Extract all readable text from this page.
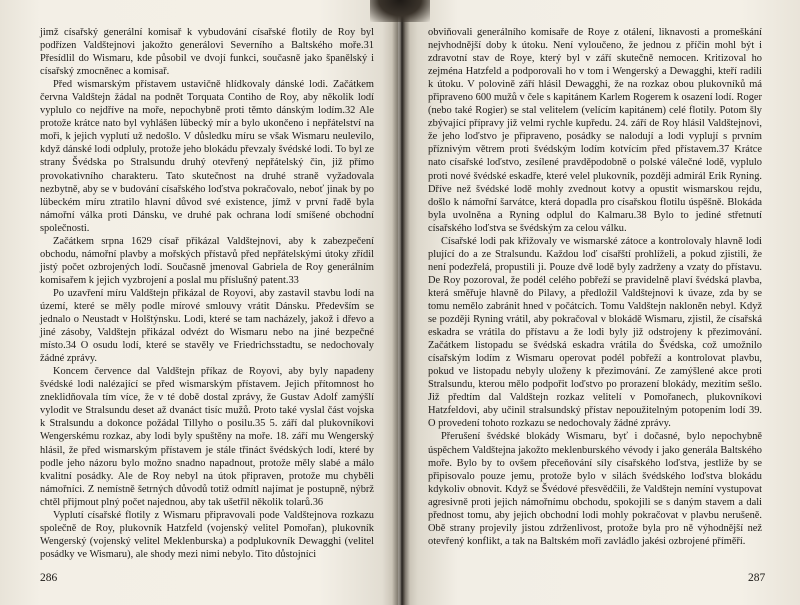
jimž císařský generální komisař k vybudování císařské flotily de Roy byl podřízen Valdštejnovi jakožto generálovi Severního a Baltského moře.31 Přesídlil do Wismaru, kde působil ve dvojí funkci, současně jako španělský i císařský zmocněnec a komisař.

Před wismarským přístavem ustavičně hlídkovaly dánské lodi. Začátkem června Valdštejn žádal na podnět Torquata Contiho de Roy, aby několik lodí vyplulo co nejdříve na moře, nepochybně proti těmto dánským lodím.32 Ale protože krátce nato byl vyhlášen lübecký mír a bylo ukončeno i nepřátelství na moři, k jejich vyplutí už nedošlo. V důsledku míru se však Wismaru neulevilo, když dánské lodi odpluly, protože jeho blokádu převzaly švédské lodi. To byl ze strany Švédska po Stralsundu druhý otevřený nepřátelský čin, již přímo provokativního charakteru. Tato skutečnost na druhé straně vyžadovala nezbytně, aby se v budování císařského loďstva pokračovalo, neboť jinak by po lübeckém míru ztratilo hlavní důvod své existence, jímž v první řadě byla námořní válka proti Dánsku, ve druhé pak ochrana lodí smíšené obchodní společnosti.

Začátkem srpna 1629 císař přikázal Valdštejnovi, aby k zabezpečení obchodu, námořní plavby a mořských přístavů před nepřátelskými útoky zřídil jistý počet ozbrojených lodí. Současně jmenoval Gabriela de Roy generálním komisařem k jejich vyzbrojení a poslal mu příslušný patent.33

Po uzavření míru Valdštejn přikázal de Royovi, aby zastavil stavbu lodí na území, které se měly podle mírové smlouvy vrátit Dánsku. Především se jednalo o Neustadt v Holštýnsku. Lodi, které se tam nacházely, jakož i dřevo a jiné zásoby, Valdštejn přikázal odvézt do Wismaru nebo na jiné bezpečné místo.34 O osudu lodí, které se stavěly ve Friedrichsstadtu, se nedochovaly žádné zprávy.

Koncem července dal Valdštejn příkaz de Royovi, aby byly napadeny švédské lodi nalézající se před wismarským přístavem. Jejich přítomnost ho zneklidňovala tím více, že v té době dostal zprávy, že Gustav Adolf zamýšlí vylodit ve Stralsundu deset až dvanáct tisíc mužů. Proto také vyslal část vojska k Stralsundu a dokonce požádal Tillyho o posilu.35 5. září dal plukovníkovi Wengerskému rozkaz, aby lodi byly spuštěny na moře. 18. září mu Wengerský hlásil, že před wismarským přístavem je stále třináct švédských lodí, které by podle jeho názoru bylo možno snadno napadnout, protože měly slabé a málo kvalitní posádky. Ale de Roy nebyl na útok připraven, protože mu chyběli námořníci. Z nemístně šetrných důvodů totiž odmítl najímat je postupně, nýbrž chtěl přijmout plný počet najednou, aby tak ušetřil několik tolarů.36

Vyplutí císařské flotily z Wismaru připravovali pode Valdštejnova rozkazu společně de Roy, plukovník Hatzfeld (vojenský velitel Pomořan), plukovník Wengerský (vojenský velitel Meklenburska) a podplukovník Dewagghi (velitel posádky ve Wismaru), ale shody mezi nimi nebylo. Tito důstojníci

286

obviňovali generálního komisaře de Roye z otálení, liknavosti a promeškání nejvhodnější doby k útoku. Není vyloučeno, že jednou z příčin mohl být i zdravotní stav de Roye, který byl v září skutečně nemocen. Kritizoval ho zejména Hatzfeld a podporovali ho v tom i Wengerský a Dewagghi, kteří radili k útoku. V polovině září hlásil Dewagghi, že na rozkaz obou plukovníků má připraveno 600 mužů v čele s kapitánem Karlem Rogerem k osazení lodí. Roger (nebo také Rogier) se stal velitelem (velícím kapitánem) celé flotily. Potom šly zbývající přípravy již velmi rychle kupředu. 24. září de Roy hlásil Valdštejnovi, že jeho loďstvo je připraveno, posádky se nalodují a lodi vyplují s prvním příznivým větrem proti švédským lodím kotvícím před přístavem.37 Krátce nato císařské loďstvo, zesílené pravděpodobně o polské válečné lodě, vyplulo proti nové švédské eskadře, které velel plukovník, později admirál Erik Ryning. Dříve než švédské lodě mohly zvednout kotvy a opustit wismarskou rejdu, došlo k námořní šarvátce, která dopadla pro císařskou flotilu úspěšně. Blokáda byla uvolněna a Ryning odplul do Kalmaru.38 Bylo to jediné střetnutí císařského loďstva se švédským za celou válku.

Císařské lodi pak křižovaly ve wismarské zátoce a kontrolovaly hlavně lodi plující do a ze Stralsundu. Každou loď císařští prohlíželi, a pokud zjistili, že není podezřelá, propustili ji. Pouze dvě lodě byly zadrženy a vzaty do přístavu. De Roy pozoroval, že podél celého pobřeží se pravidelně plaví švédská plavba, která směřuje hlavně do Pilavy, a předložil Valdštejnovi k úvaze, zda by se tomu nemělo zabránit hned v počátcích. Tomu Valdštejn nakloněn nebyl. Když se později Ryning vrátil, aby pokračoval v blokádě Wismaru, zjistil, že císařská eskadra se vrátila do přístavu a že lodi byly již odstrojeny k přezimování. Začátkem listopadu se švédská eskadra vrátila do Švédska, což umožnilo císařským lodím z Wismaru operovat podél pobřeží a kontrolovat plavbu, pokud ve listopadu nebyly uloženy k přezimování. Ze zamýšlené akce proti Stralsundu, kterou mělo podpořit loďstvo po prorazení blokády, mezitím sešlo. Již předtím dal Valdštejn rozkaz velitelí v Pomořanech, plukovníkovi Hatzfeldovi, aby učinil stralsundský přístav nepoužitelným potopením lodí 39. O provedení tohoto rozkazu se nedochovaly žádné zprávy.

Přerušení švédské blokády Wismaru, byť i dočasné, bylo nepochybně úspěchem Valdštejna jakožto meklenburského vévody i jako generála Baltského moře. Bylo by to ovšem přeceňování síly císařského loďstva, jestliže by se připisovalo pouze jemu, protože bylo v silách švédského loďstva blokádu kdykoliv obnovit. Když se Švédové přesvědčili, že Valdštejn nemíní vystupovat agresivně proti jejich námořnímu obchodu, spokojili se s daným stavem a dali přednost tomu, aby jejich obchodní lodi mohly pokračovat v plavbu nerušeně. Obě strany projevily jistou zdrženlivost, protože byla pro ně výhodnější než otevřený konflikt, a tak na Baltském moři zavládlo jakési ozbrojené příměří.

287
